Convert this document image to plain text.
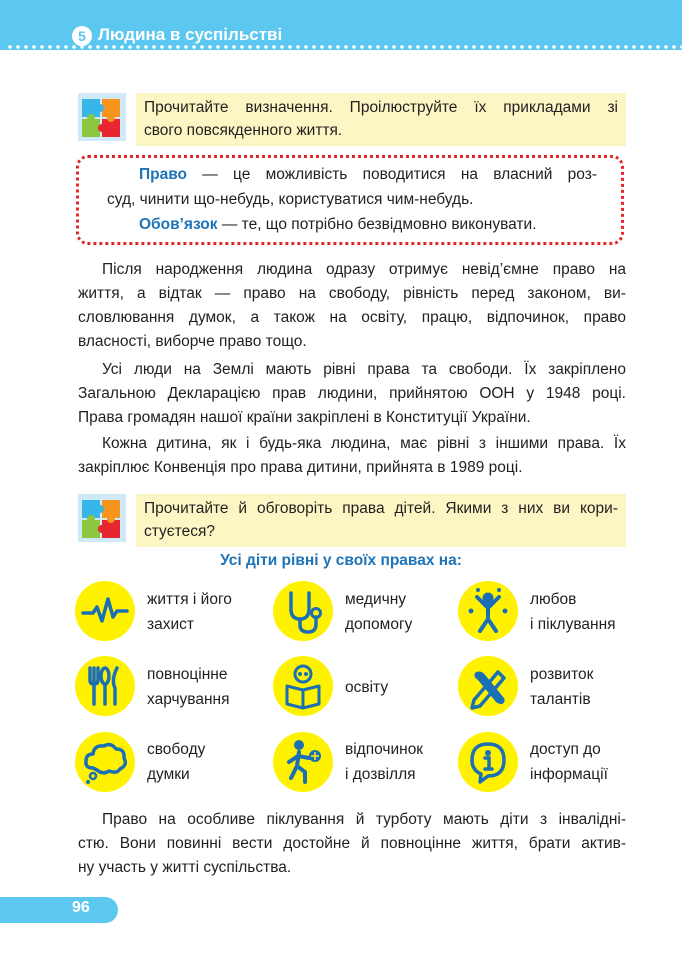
5 Людина в суспільстві
Прочитайте визначення. Проілюструйте їх прикладами зі
свого повсякденного життя.
Право — це можливість поводитися на власний роз-
суд, чинити що-небудь, користуватися чим-небудь.
Обов’язок — те, що потрібно безвідмовно виконувати.
Після народження людина одразу отримує невід’ємне право на
життя, а відтак — право на свободу, рівність перед законом, ви-
словлювання думок, а також на освіту, працю, відпочинок, право
власності, виборче право тощо.
Усі люди на Землі мають рівні права та свободи. Їх закріплено
Загальною Декларацією прав людини, прийнятою ООН у 1948 році.
Права громадян нашої країни закріплені в Конституції України.
Кожна дитина, як і будь-яка людина, має рівні з іншими права. Їх
закріплює Конвенція про права дитини, прийнята в 1989 році.
Прочитайте й обговоріть права дітей. Якими з них ви кори-
стуєтеся?
Усі діти рівні у своїх правах на:
життя і його
захист
медичну
допомогу
любов
і піклування
повноцінне
харчування
освіту
розвиток
талантів
свободу
думки
відпочинок
і дозвілля
доступ до
інформації
Право на особливе піклування й турботу мають діти з інвалідні-
стю. Вони повинні вести достойне й повноцінне життя, брати актив-
ну участь у житті суспільства.
96
